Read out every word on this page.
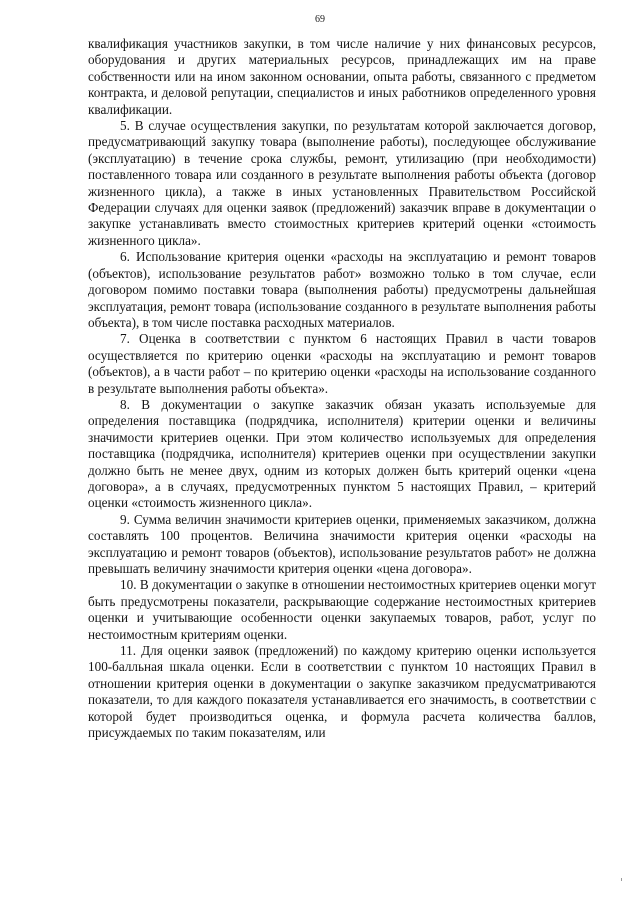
69

квалификация участников закупки, в том числе наличие у них финансовых ресурсов, оборудования и других материальных ресурсов, принадлежащих им на праве собственности или на ином законном основании, опыта работы, связанного с предметом контракта, и деловой репутации, специалистов и иных работников определенного уровня квалификации.

5. В случае осуществления закупки, по результатам которой заключается договор, предусматривающий закупку товара (выполнение работы), последующее обслуживание (эксплуатацию) в течение срока службы, ремонт, утилизацию (при необходимости) поставленного товара или созданного в результате выполнения работы объекта (договор жизненного цикла), а также в иных установленных Правительством Российской Федерации случаях для оценки заявок (предложений) заказчик вправе в документации о закупке устанавливать вместо стоимостных критериев критерий оценки «стоимость жизненного цикла».

6. Использование критерия оценки «расходы на эксплуатацию и ремонт товаров (объектов), использование результатов работ» возможно только в том случае, если договором помимо поставки товара (выполнения работы) предусмотрены дальнейшая эксплуатация, ремонт товара (использование созданного в результате выполнения работы объекта), в том числе поставка расходных материалов.

7. Оценка в соответствии с пунктом 6 настоящих Правил в части товаров осуществляется по критерию оценки «расходы на эксплуатацию и ремонт товаров (объектов), а в части работ – по критерию оценки «расходы на использование созданного в результате выполнения работы объекта».

8. В документации о закупке заказчик обязан указать используемые для определения поставщика (подрядчика, исполнителя) критерии оценки и величины значимости критериев оценки. При этом количество используемых для определения поставщика (подрядчика, исполнителя) критериев оценки при осуществлении закупки должно быть не менее двух, одним из которых должен быть критерий оценки «цена договора», а в случаях, предусмотренных пунктом 5 настоящих Правил, – критерий оценки «стоимость жизненного цикла».

9. Сумма величин значимости критериев оценки, применяемых заказчиком, должна составлять 100 процентов. Величина значимости критерия оценки «расходы на эксплуатацию и ремонт товаров (объектов), использование результатов работ» не должна превышать величину значимости критерия оценки «цена договора».

10. В документации о закупке в отношении нестоимостных критериев оценки могут быть предусмотрены показатели, раскрывающие содержание нестоимостных критериев оценки и учитывающие особенности оценки закупаемых товаров, работ, услуг по нестоимостным критериям оценки.

11. Для оценки заявок (предложений) по каждому критерию оценки используется 100-балльная шкала оценки. Если в соответствии с пунктом 10 настоящих Правил в отношении критерия оценки в документации о закупке заказчиком предусматриваются показатели, то для каждого показателя устанавливается его значимость, в соответствии с которой будет производиться оценка, и формула расчета количества баллов, присуждаемых по таким показателям, или
